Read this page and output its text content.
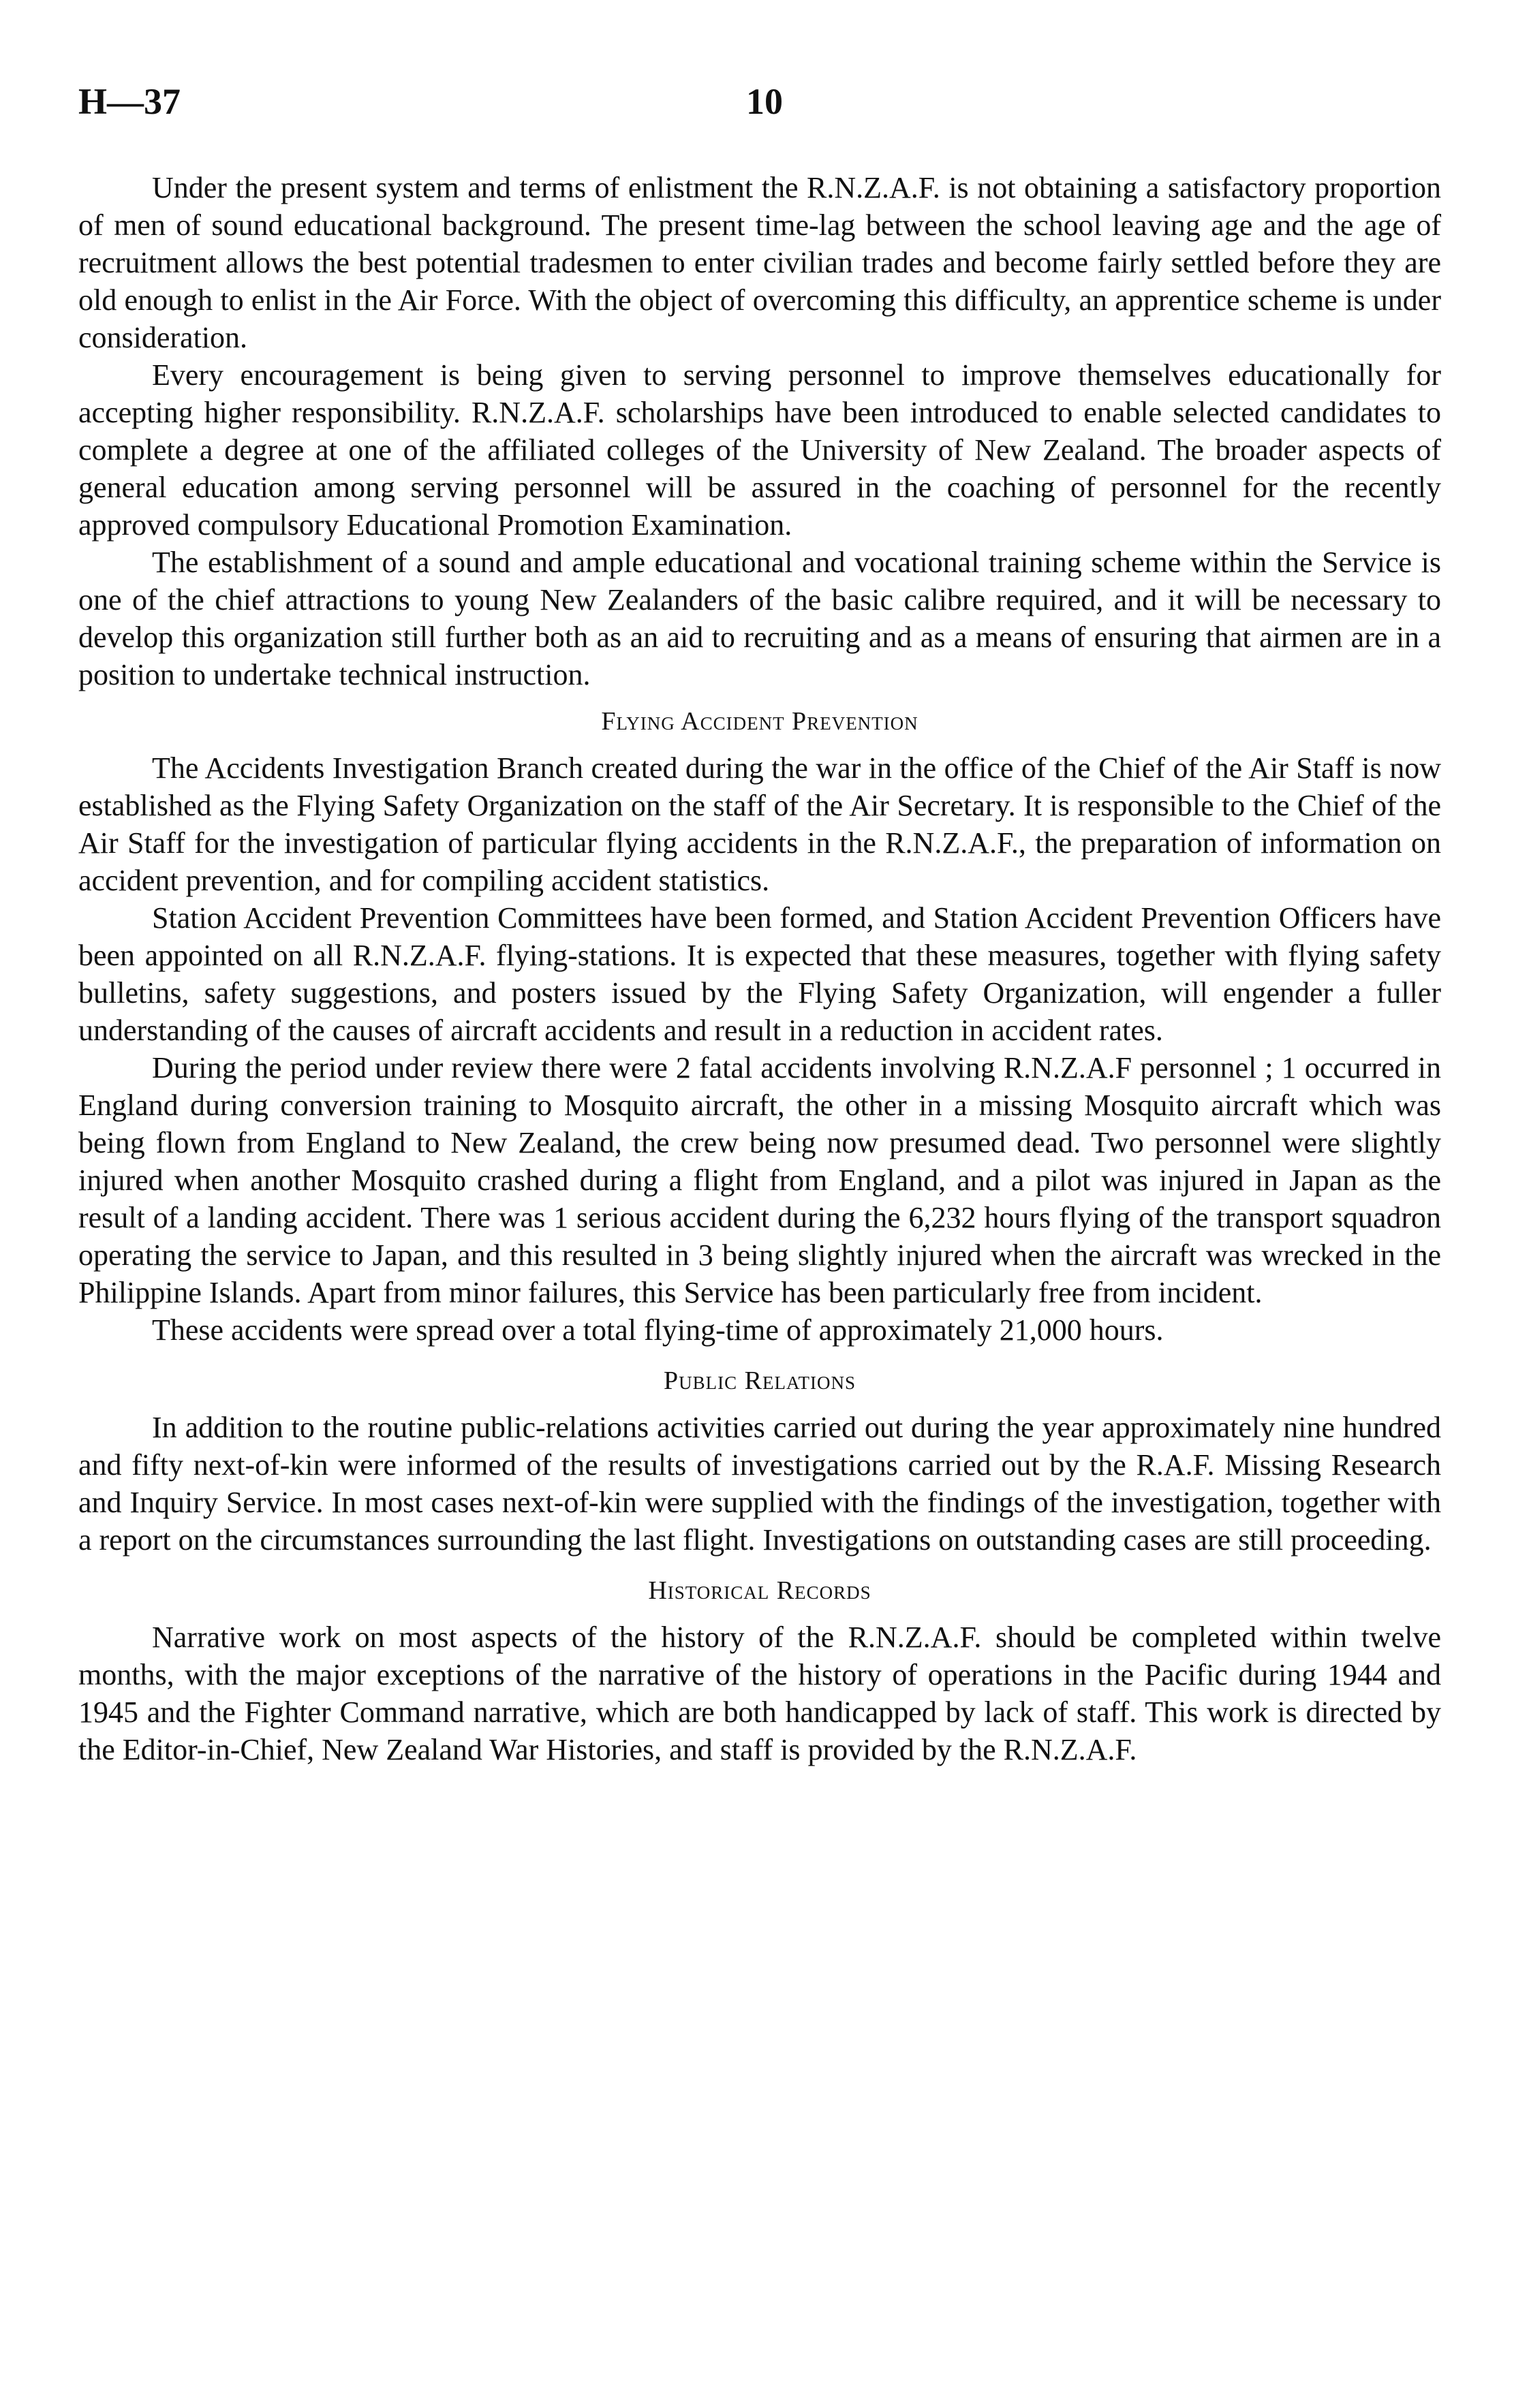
H—37	10

Under the present system and terms of enlistment the R.N.Z.A.F. is not obtaining a satisfactory proportion of men of sound educational background. The present time-lag between the school leaving age and the age of recruitment allows the best potential tradesmen to enter civilian trades and become fairly settled before they are old enough to enlist in the Air Force. With the object of overcoming this difficulty, an apprentice scheme is under consideration.

Every encouragement is being given to serving personnel to improve themselves educationally for accepting higher responsibility. R.N.Z.A.F. scholarships have been introduced to enable selected candidates to complete a degree at one of the affiliated colleges of the University of New Zealand. The broader aspects of general education among serving personnel will be assured in the coaching of personnel for the recently approved compulsory Educational Promotion Examination.

The establishment of a sound and ample educational and vocational training scheme within the Service is one of the chief attractions to young New Zealanders of the basic calibre required, and it will be necessary to develop this organization still further both as an aid to recruiting and as a means of ensuring that airmen are in a position to undertake technical instruction.

Flying Accident Prevention

The Accidents Investigation Branch created during the war in the office of the Chief of the Air Staff is now established as the Flying Safety Organization on the staff of the Air Secretary. It is responsible to the Chief of the Air Staff for the investigation of particular flying accidents in the R.N.Z.A.F., the preparation of information on accident prevention, and for compiling accident statistics.

Station Accident Prevention Committees have been formed, and Station Accident Prevention Officers have been appointed on all R.N.Z.A.F. flying-stations. It is expected that these measures, together with flying safety bulletins, safety suggestions, and posters issued by the Flying Safety Organization, will engender a fuller understanding of the causes of aircraft accidents and result in a reduction in accident rates.

During the period under review there were 2 fatal accidents involving R.N.Z.A.F personnel ; 1 occurred in England during conversion training to Mosquito aircraft, the other in a missing Mosquito aircraft which was being flown from England to New Zealand, the crew being now presumed dead. Two personnel were slightly injured when another Mosquito crashed during a flight from England, and a pilot was injured in Japan as the result of a landing accident. There was 1 serious accident during the 6,232 hours flying of the transport squadron operating the service to Japan, and this resulted in 3 being slightly injured when the aircraft was wrecked in the Philippine Islands. Apart from minor failures, this Service has been particularly free from incident.

These accidents were spread over a total flying-time of approximately 21,000 hours.

Public Relations

In addition to the routine public-relations activities carried out during the year approximately nine hundred and fifty next-of-kin were informed of the results of investigations carried out by the R.A.F. Missing Research and Inquiry Service. In most cases next-of-kin were supplied with the findings of the investigation, together with a report on the circumstances surrounding the last flight. Investigations on outstanding cases are still proceeding.

Historical Records

Narrative work on most aspects of the history of the R.N.Z.A.F. should be completed within twelve months, with the major exceptions of the narrative of the history of operations in the Pacific during 1944 and 1945 and the Fighter Command narrative, which are both handicapped by lack of staff. This work is directed by the Editor-in-Chief, New Zealand War Histories, and staff is provided by the R.N.Z.A.F.
